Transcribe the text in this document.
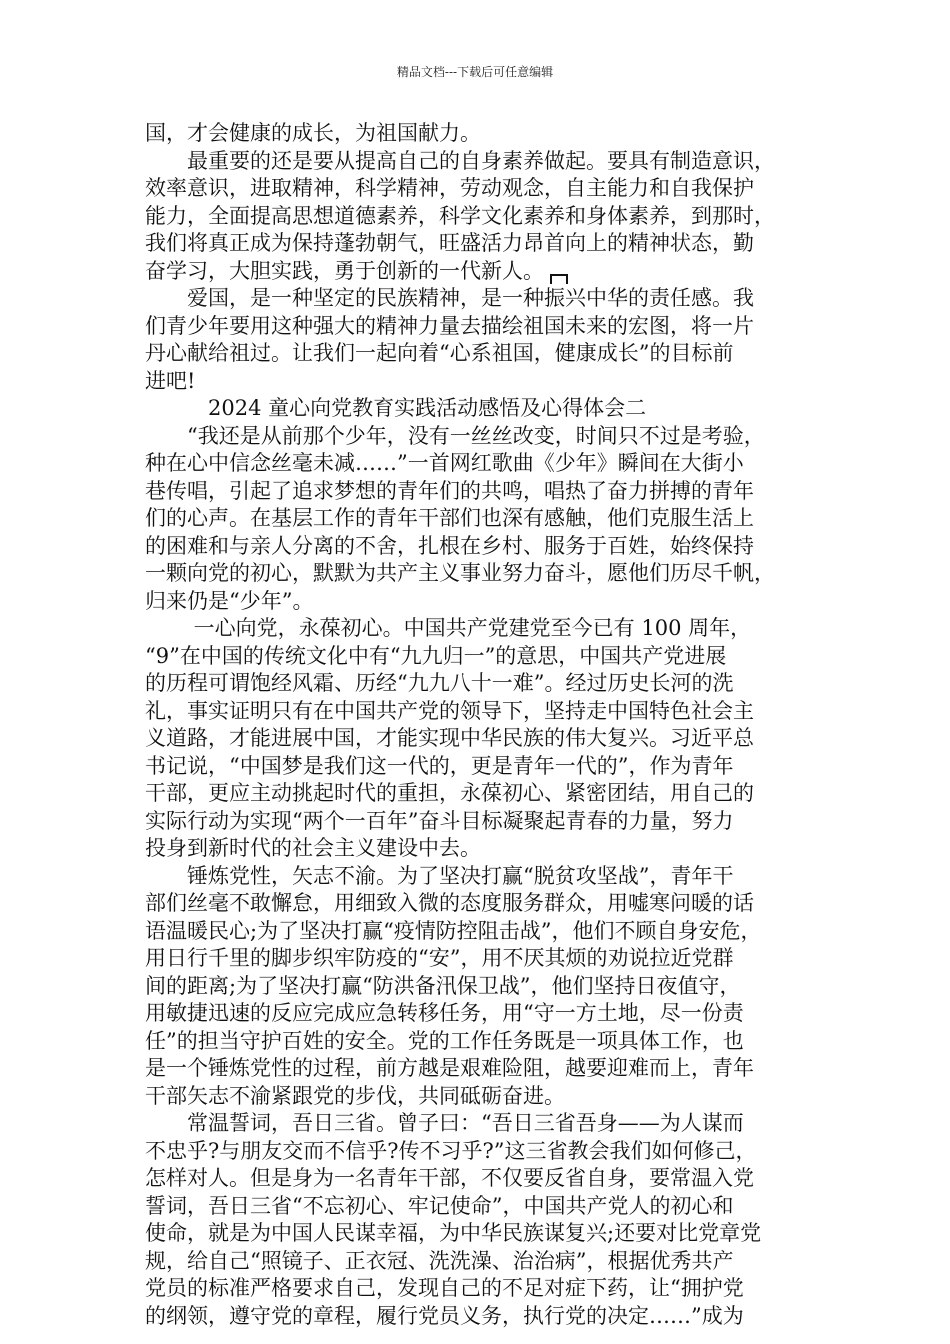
精品文档---下载后可任意编辑
国，才会健康的成长，为祖国献力。
　　最重要的还是要从提高自己的自身素养做起。要具有制造意识，
效率意识，进取精神，科学精神，劳动观念，自主能力和自我保护
能力，全面提高思想道德素养，科学文化素养和身体素养，到那时，
我们将真正成为保持蓬勃朝气，旺盛活力昂首向上的精神状态，勤
奋学习，大胆实践，勇于创新的一代新人。
　　爱国，是一种坚定的民族精神，是一种振兴中华的责任感。我
们青少年要用这种强大的精神力量去描绘祖国未来的宏图，将一片
丹心献给祖过。让我们一起向着“心系祖国，健康成长”的目标前
进吧!
　　　2024 童心向党教育实践活动感悟及心得体会二
　　“我还是从前那个少年，没有一丝丝改变，时间只不过是考验，
种在心中信念丝毫未减……”一首网红歌曲《少年》瞬间在大街小
巷传唱，引起了追求梦想的青年们的共鸣，唱热了奋力拼搏的青年
们的心声。在基层工作的青年干部们也深有感触，他们克服生活上
的困难和与亲人分离的不舍，扎根在乡村、服务于百姓，始终保持
一颗向党的初心，默默为共产主义事业努力奋斗，愿他们历尽千帆，
归来仍是“少年”。
　　 一心向党，永葆初心。中国共产党建党至今已有 100 周年，
“9”在中国的传统文化中有“九九归一”的意思，中国共产党进展
的历程可谓饱经风霜、历经“九九八十一难”。经过历史长河的洗
礼，事实证明只有在中国共产党的领导下，坚持走中国特色社会主
义道路，才能进展中国，才能实现中华民族的伟大复兴。习近平总
书记说，“中国梦是我们这一代的，更是青年一代的”，作为青年
干部，更应主动挑起时代的重担，永葆初心、紧密团结，用自己的
实际行动为实现“两个一百年”奋斗目标凝聚起青春的力量，努力
投身到新时代的社会主义建设中去。
　　锤炼党性，矢志不渝。为了坚决打赢“脱贫攻坚战”，青年干
部们丝毫不敢懈怠，用细致入微的态度服务群众，用嘘寒问暖的话
语温暖民心;为了坚决打赢“疫情防控阻击战”，他们不顾自身安危，
用日行千里的脚步织牢防疫的“安”，用不厌其烦的劝说拉近党群
间的距离;为了坚决打赢“防洪备汛保卫战”，他们坚持日夜值守，
用敏捷迅速的反应完成应急转移任务，用“守一方土地，尽一份责
任”的担当守护百姓的安全。党的工作任务既是一项具体工作，也
是一个锤炼党性的过程，前方越是艰难险阻，越要迎难而上，青年
干部矢志不渝紧跟党的步伐，共同砥砺奋进。
　　常温誓词，吾日三省。曾子曰：“吾日三省吾身——为人谋而
不忠乎?与朋友交而不信乎?传不习乎?”这三省教会我们如何修己，
怎样对人。但是身为一名青年干部，不仅要反省自身，要常温入党
誓词，吾日三省“不忘初心、牢记使命”，中国共产党人的初心和
使命，就是为中国人民谋幸福，为中华民族谋复兴;还要对比党章党
规，给自己“照镜子、正衣冠、洗洗澡、治治病”，根据优秀共产
党员的标准严格要求自己，发现自己的不足对症下药，让“拥护党
的纲领，遵守党的章程，履行党员义务，执行党的决定……”成为
